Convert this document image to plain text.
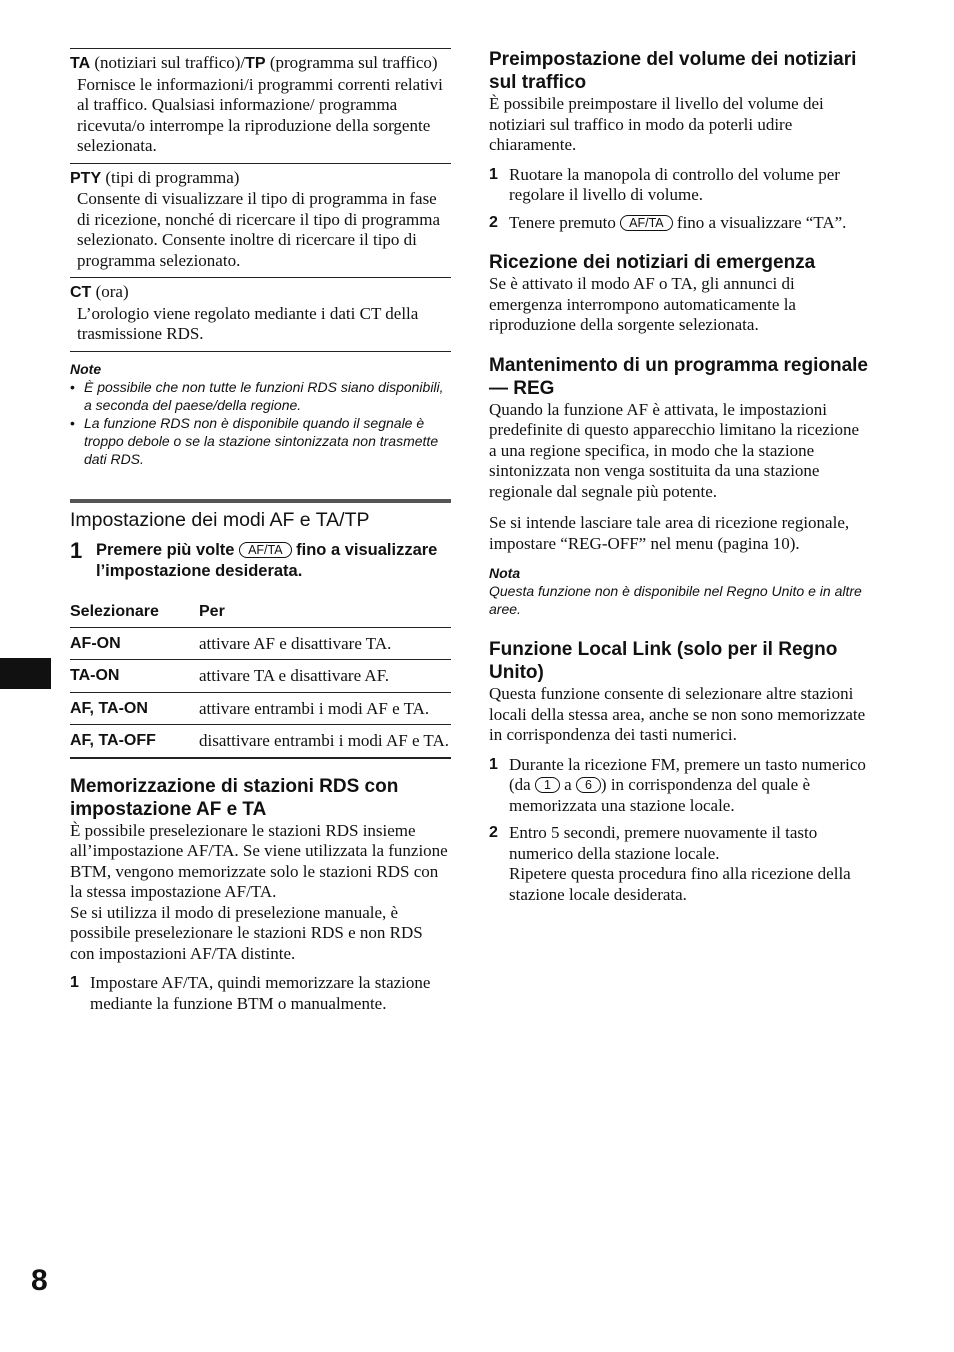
TA (notiziari sul traffico)/TP (programma sul traffico)
Fornisce le informazioni/i programmi correnti relativi al traffico. Qualsiasi informazione/ programma ricevuta/o interrompe la riproduzione della sorgente selezionata.
PTY (tipi di programma)
Consente di visualizzare il tipo di programma in fase di ricezione, nonché di ricercare il tipo di programma selezionato. Consente inoltre di ricercare il tipo di programma selezionato.
CT (ora)
L’orologio viene regolato mediante i dati CT della trasmissione RDS.
Note
• È possibile che non tutte le funzioni RDS siano disponibili, a seconda del paese/della regione.
• La funzione RDS non è disponibile quando il segnale è troppo debole o se la stazione sintonizzata non trasmette dati RDS.
Impostazione dei modi AF e TA/TP
1 Premere più volte AF/TA fino a visualizzare l’impostazione desiderata.
Selezionare	Per
AF-ON	attivare AF e disattivare TA.
TA-ON	attivare TA e disattivare AF.
AF, TA-ON	attivare entrambi i modi AF e TA.
AF, TA-OFF	disattivare entrambi i modi AF e TA.
Memorizzazione di stazioni RDS con impostazione AF e TA
È possibile preselezionare le stazioni RDS insieme all’impostazione AF/TA. Se viene utilizzata la funzione BTM, vengono memorizzate solo le stazioni RDS con la stessa impostazione AF/TA.
Se si utilizza il modo di preselezione manuale, è possibile preselezionare le stazioni RDS e non RDS con impostazioni AF/TA distinte.
1 Impostare AF/TA, quindi memorizzare la stazione mediante la funzione BTM o manualmente.
Preimpostazione del volume dei notiziari sul traffico
È possibile preimpostare il livello del volume dei notiziari sul traffico in modo da poterli udire chiaramente.
1 Ruotare la manopola di controllo del volume per regolare il livello di volume.
2 Tenere premuto AF/TA fino a visualizzare “TA”.
Ricezione dei notiziari di emergenza
Se è attivato il modo AF o TA, gli annunci di emergenza interrompono automaticamente la riproduzione della sorgente selezionata.
Mantenimento di un programma regionale — REG
Quando la funzione AF è attivata, le impostazioni predefinite di questo apparecchio limitano la ricezione a una regione specifica, in modo che la stazione sintonizzata non venga sostituita da una stazione regionale dal segnale più potente.
Se si intende lasciare tale area di ricezione regionale, impostare “REG-OFF” nel menu (pagina 10).
Nota
Questa funzione non è disponibile nel Regno Unito e in altre aree.
Funzione Local Link (solo per il Regno Unito)
Questa funzione consente di selezionare altre stazioni locali della stessa area, anche se non sono memorizzate in corrispondenza dei tasti numerici.
1 Durante la ricezione FM, premere un tasto numerico (da 1 a 6 ) in corrispondenza del quale è memorizzata una stazione locale.
2 Entro 5 secondi, premere nuovamente il tasto numerico della stazione locale.
Ripetere questa procedura fino alla ricezione della stazione locale desiderata.
8
